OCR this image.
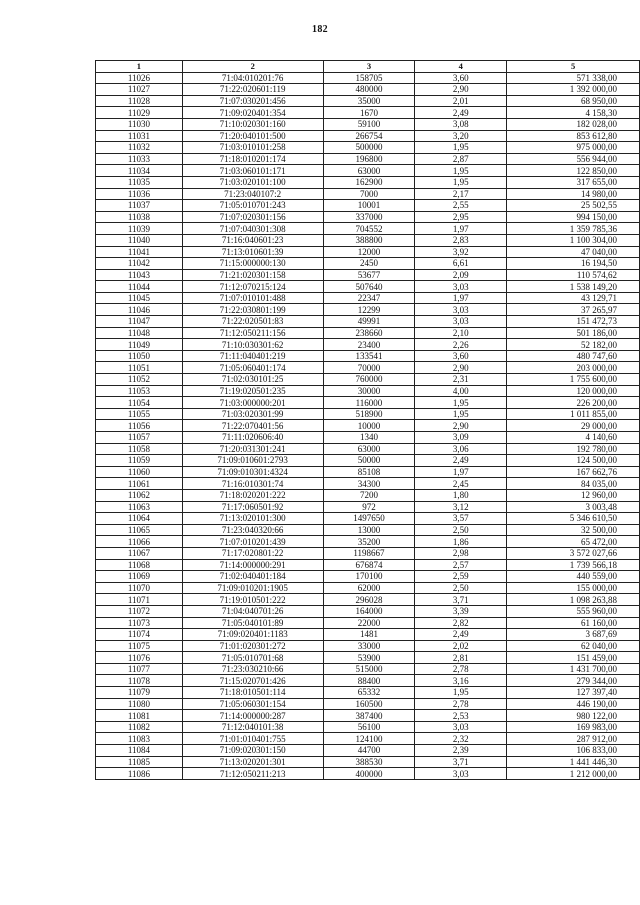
182
1	2	3	4	5
11026	71:04:010201:76	158705	3,60	571 338,00
11027	71:22:020601:119	480000	2,90	1 392 000,00
11028	71:07:030201:456	35000	2,01	68 950,00
11029	71:09:020401:354	1670	2,49	4 158,30
11030	71:10:020301:160	59100	3,08	182 028,00
11031	71:20:040101:500	266754	3,20	853 612,80
11032	71:03:010101:258	500000	1,95	975 000,00
11033	71:18:010201:174	196800	2,87	556 944,00
11034	71:03:060101:171	63000	1,95	122 850,00
11035	71:03:020101:100	162900	1,95	317 655,00
11036	71:23:040107:2	7000	2,17	14 980,00
11037	71:05:010701:243	10001	2,55	25 502,55
11038	71:07:020301:156	337000	2,95	994 150,00
11039	71:07:040301:308	704552	1,97	1 359 785,36
11040	71:16:040601:23	388800	2,83	1 100 304,00
11041	71:13:010601:39	12000	3,92	47 040,00
11042	71:15:000000:130	2450	6,61	16 194,50
11043	71:21:020301:158	53677	2,09	110 574,62
11044	71:12:070215:124	507640	3,03	1 538 149,20
11045	71:07:010101:488	22347	1,97	43 129,71
11046	71:22:030801:199	12299	3,03	37 265,97
11047	71:22:020501:83	49991	3,03	151 472,73
11048	71:12:050211:156	238660	2,10	501 186,00
11049	71:10:030301:62	23400	2,26	52 182,00
11050	71:11:040401:219	133541	3,60	480 747,60
11051	71:05:060401:174	70000	2,90	203 000,00
11052	71:02:030101:25	760000	2,31	1 755 600,00
11053	71:19:020501:235	30000	4,00	120 000,00
11054	71:03:000000:201	116000	1,95	226 200,00
11055	71:03:020301:99	518900	1,95	1 011 855,00
11056	71:22:070401:56	10000	2,90	29 000,00
11057	71:11:020606:40	1340	3,09	4 140,60
11058	71:20:031301:241	63000	3,06	192 780,00
11059	71:09:010601:2793	50000	2,49	124 500,00
11060	71:09:010301:4324	85108	1,97	167 662,76
11061	71:16:010301:74	34300	2,45	84 035,00
11062	71:18:020201:222	7200	1,80	12 960,00
11063	71:17:060501:92	972	3,12	3 003,48
11064	71:13:020101:300	1497650	3,57	5 346 610,50
11065	71:23:040320:66	13000	2,50	32 500,00
11066	71:07:010201:439	35200	1,86	65 472,00
11067	71:17:020801:22	1198667	2,98	3 572 027,66
11068	71:14:000000:291	676874	2,57	1 739 566,18
11069	71:02:040401:184	170100	2,59	440 559,00
11070	71:09:010201:1905	62000	2,50	155 000,00
11071	71:19:010501:222	296028	3,71	1 098 263,88
11072	71:04:040701:26	164000	3,39	555 960,00
11073	71:05:040101:89	22000	2,82	61 160,00
11074	71:09:020401:1183	1481	2,49	3 687,69
11075	71:01:020301:272	33000	2,02	62 040,00
11076	71:05:010701:68	53900	2,81	151 459,00
11077	71:23:030210:66	515000	2,78	1 431 700,00
11078	71:15:020701:426	88400	3,16	279 344,00
11079	71:18:010501:114	65332	1,95	127 397,40
11080	71:05:060301:154	160500	2,78	446 190,00
11081	71:14:000000:287	387400	2,53	980 122,00
11082	71:12:040101:38	56100	3,03	169 983,00
11083	71:01:010401:755	124100	2,32	287 912,00
11084	71:09:020301:150	44700	2,39	106 833,00
11085	71:13:020201:301	388530	3,71	1 441 446,30
11086	71:12:050211:213	400000	3,03	1 212 000,00
